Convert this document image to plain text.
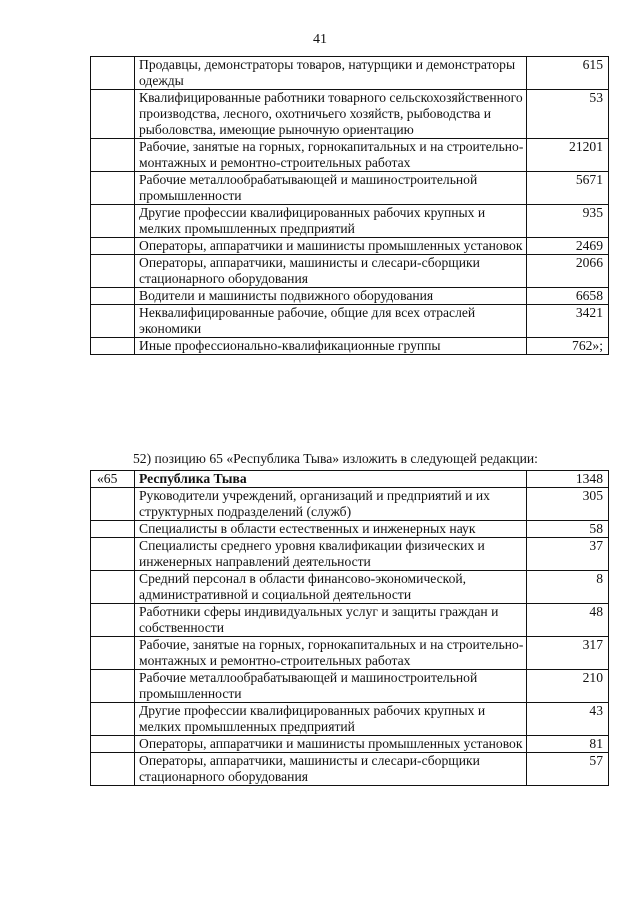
41
	Продавцы, демонстраторы товаров, натурщики и демонстраторы одежды	615
	Квалифицированные работники товарного сельскохозяйственного производства, лесного, охотничьего хозяйств, рыбоводства и рыболовства, имеющие рыночную ориентацию	53
	Рабочие, занятые на горных, горнокапитальных и на строительно-монтажных и ремонтно-строительных работах	21201
	Рабочие металлообрабатывающей и машиностроительной промышленности	5671
	Другие профессии квалифицированных рабочих крупных и мелких промышленных предприятий	935
	Операторы, аппаратчики и машинисты промышленных установок	2469
	Операторы, аппаратчики, машинисты и слесари-сборщики стационарного оборудования	2066
	Водители и машинисты подвижного оборудования	6658
	Неквалифицированные рабочие, общие для всех отраслей экономики	3421
	Иные профессионально-квалификационные группы	762»;
52) позицию 65 «Республика Тыва» изложить в следующей редакции:
«65	Республика Тыва	1348
	Руководители учреждений, организаций и предприятий и их структурных подразделений (служб)	305
	Специалисты в области естественных и инженерных наук	58
	Специалисты среднего уровня квалификации физических и инженерных направлений деятельности	37
	Средний персонал в области финансово-экономической, административной и социальной деятельности	8
	Работники сферы индивидуальных услуг и защиты граждан и собственности	48
	Рабочие, занятые на горных, горнокапитальных и на строительно-монтажных и ремонтно-строительных работах	317
	Рабочие металлообрабатывающей и машиностроительной промышленности	210
	Другие профессии квалифицированных рабочих крупных и мелких промышленных предприятий	43
	Операторы, аппаратчики и машинисты промышленных установок	81
	Операторы, аппаратчики, машинисты и слесари-сборщики стационарного оборудования	57
